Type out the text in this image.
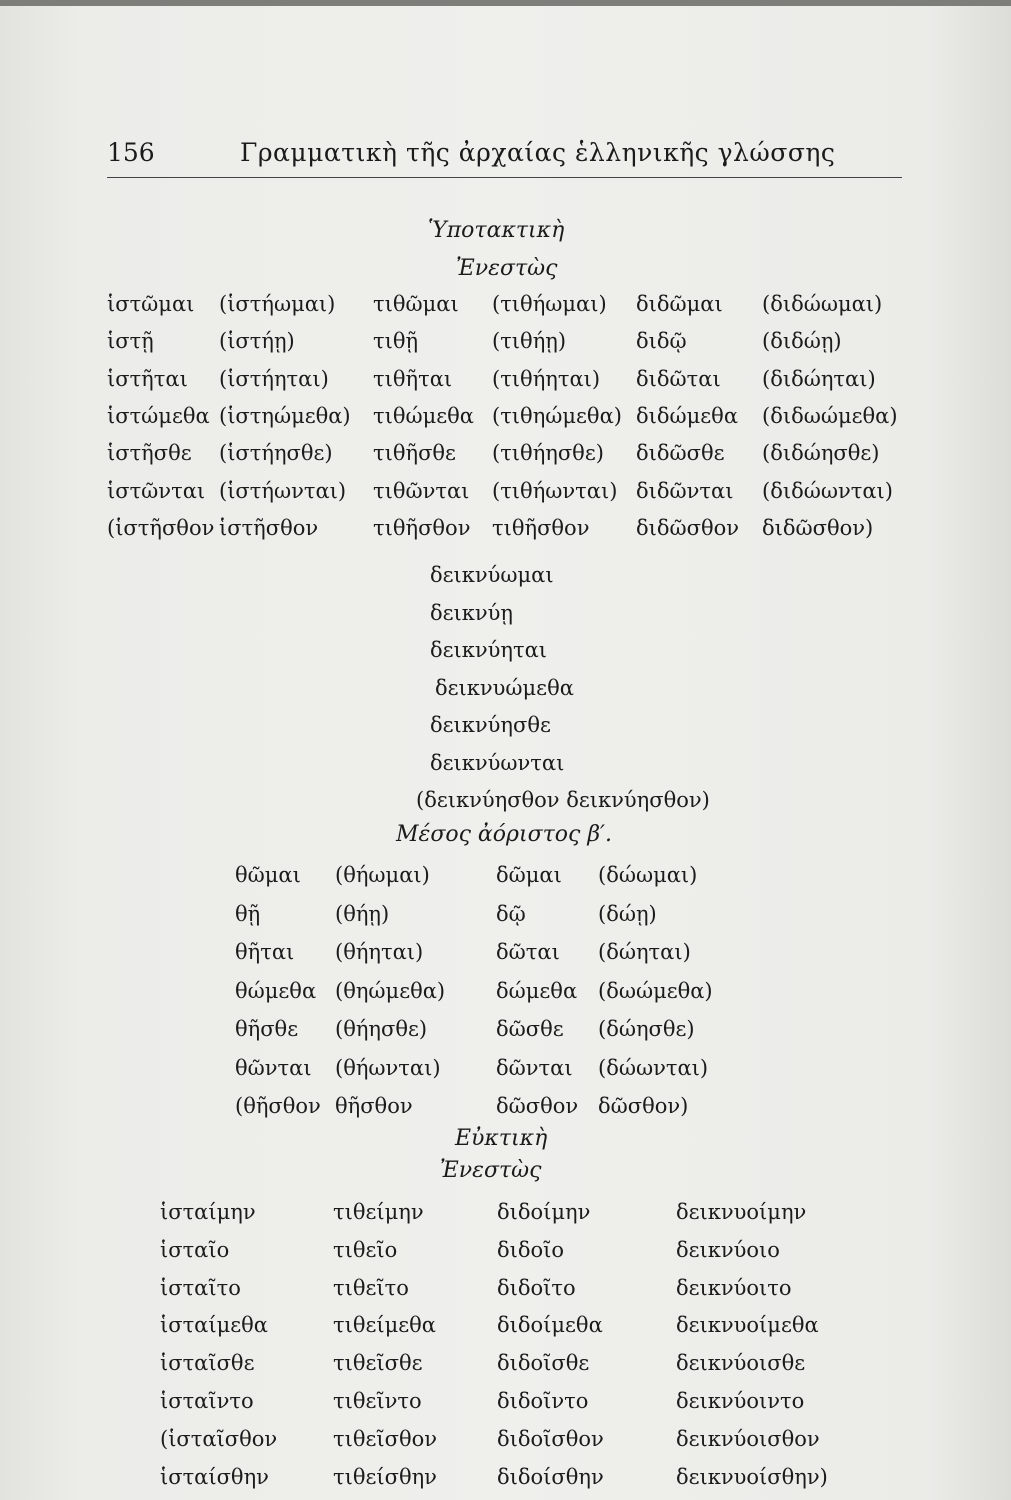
156	Γραμματικὴ τῆς ἀρχαίας ἑλληνικῆς γλώσσης
Ὑποτακτικὴ
Ἐνεστὼς
ἱστῶμαι (ἱστήωμαι) τιθῶμαι (τιθήωμαι) διδῶμαι (διδώωμαι)
ἱστῇ	(ἱστήῃ)	τιθῇ	(τιθήῃ)	διδῷ	(διδώῃ)
ἱστῆται (ἱστήηται) τιθῆται (τιθήηται) διδῶται (διδώηται)
ἱστώμεθα (ἱστηώμεθα) τιθώμεθα (τιθηώμεθα) διδώμεθα (διδωώμεθα)
ἱστῆσθε (ἱστήησθε) τιθῆσθε (τιθήησθε) διδῶσθε (διδώησθε)
ἱστῶνται (ἱστήωνται) τιθῶνται (τιθήωνται) διδῶνται (διδώωνται)
(ἱστῆσθον ἱστῆσθον	τιθῆσθον τιθῆσθον διδῶσθον διδῶσθον)
δεικνύωμαι
δεικνύῃ
δεικνύηται
δεικνυώμεθα
δεικνύησθε
δεικνύωνται
(δεικνύησθον δεικνύησθον)
Μέσος ἀόριστος β′.
θῶμαι (θήωμαι)	δῶμαι (δώωμαι)
θῇ	(θήῃ)	δῷ	(δώῃ)
θῆται (θήηται)	δῶται (δώηται)
θώμεθα (θηώμεθα) δώμεθα (δωώμεθα)
θῆσθε (θήησθε)	δῶσθε (δώησθε)
θῶνται (θήωνται)	δῶνται (δώωνται)
(θῆσθον θῆσθον	δῶσθον δῶσθον)
Εὐκτικὴ
Ἐνεστὼς
ἱσταίμην	τιθείμην	διδοίμην	δεικνυοίμην
ἱσταῖο	τιθεῖο	διδοῖο	δεικνύοιο
ἱσταῖτο	τιθεῖτο	διδοῖτο	δεικνύοιτο
ἱσταίμεθα	τιθείμεθα	διδοίμεθα	δεικνυοίμεθα
ἱσταῖσθε	τιθεῖσθε	διδοῖσθε	δεικνύοισθε
ἱσταῖντο	τιθεῖντο	διδοῖντο	δεικνύοιντο
(ἱσταῖσθον	τιθεῖσθον	διδοῖσθον	δεικνύοισθον
ἱσταίσθην	τιθείσθην	διδοίσθην	δεικνυοίσθην)
